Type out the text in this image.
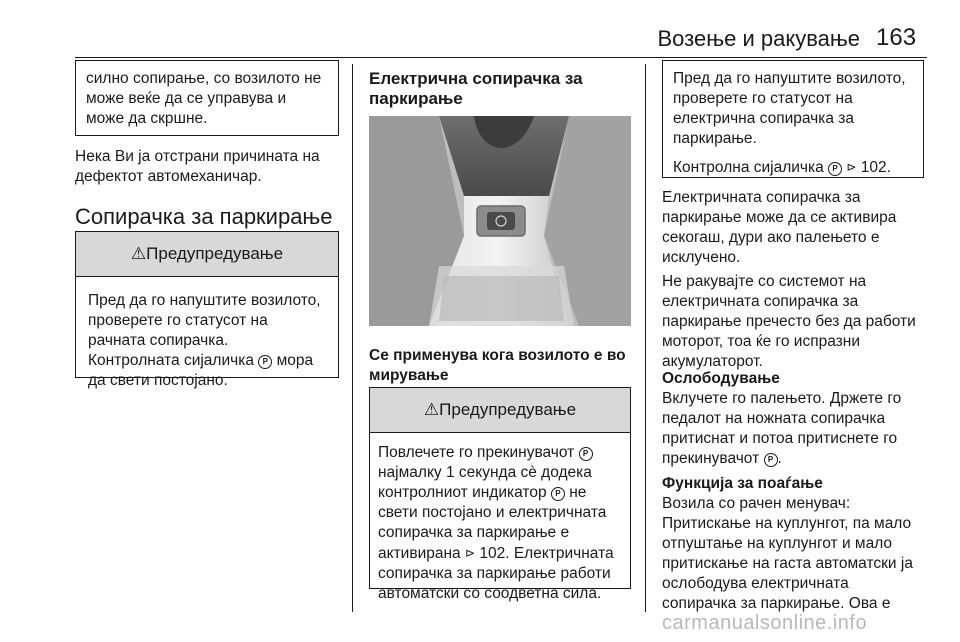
Возење и ракување 163

силно сопирање, со возилото не може веќе да се управува и може да скршне.

Нека Ви ја отстрани причината на дефектот автомеханичар.

Сопирачка за паркирање
⚠Предупредување

Пред да го напуштите возилото, проверете го статусот на рачната сопирачка.

Контролната сијаличка P мора да свети постојано.

Електрична сопирачка за
паркирање
Се применува кога возилото е во
мирување
⚠Предупредување

Повлечете го прекинувачот P најмалку 1 секунда сè додека контролниот индикатор P не свети постојано и електричната сопирачка за паркирање е активирана ⊳ 102. Електричната сопирачка за паркирање работи автоматски со соодветна сила.

Пред да го напуштите возилото, проверете го статусот на електрична сопирачка за паркирање.

Контролна сијаличка P ⊳ 102.

Електричната сопирачка за паркирање може да се активира секогаш, дури ако палењето е исклучено.

Не ракувајте со системот на електричната сопирачка за паркирање пречесто без да работи моторот, тоа ќе го испразни акумулаторот.

Ослободување

Вклучете го палењето. Држете го педалот на ножната сопирачка притиснат и потоа притиснете го прекинувачот P .

Функција за поаѓање

Возила со рачен менувач: Притискање на куплунгот, па мало отпуштање на куплунгот и мало притискање на гаста автоматски ја ослободува електричната сопирачка за паркирање. Ова е

carmanualsonline.info
